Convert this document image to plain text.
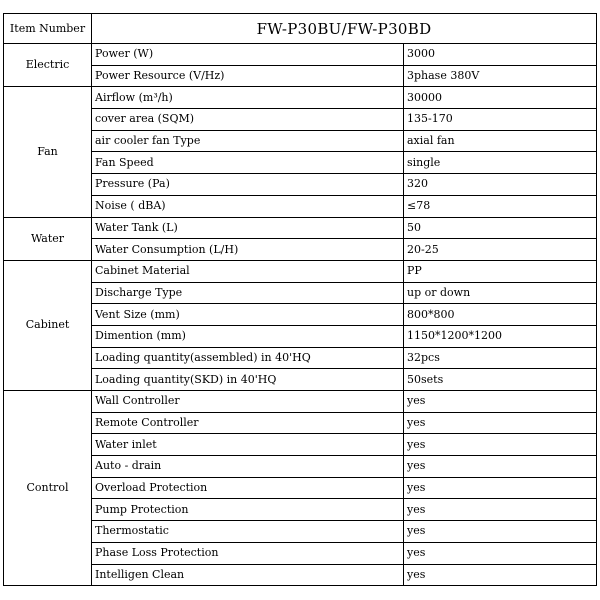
Item Number	FW-P30BU/FW-P30BD	
Electric	Power (W)	3000
	Power Resource (V/Hz)	3phase 380V
Fan	Airflow (m³/h)	30000
	cover area (SQM)	135-170
	air cooler fan Type	axial fan
	Fan Speed	single
	Pressure (Pa)	320
	Noise ( dBA)	≤78
Water	Water Tank (L)	50
	Water Consumption (L/H)	20-25
Cabinet	Cabinet Material	PP
	Discharge Type	up or down
	Vent Size (mm)	800*800
	Dimention (mm)	1150*1200*1200
	Loading quantity(assembled) in 40'HQ	32pcs
	Loading quantity(SKD) in 40'HQ	50sets
Control	Wall Controller	yes
	Remote Controller	yes
	Water inlet	yes
	Auto - drain	yes
	Overload Protection	yes
	Pump Protection	yes
	Thermostatic	yes
	Phase Loss Protection	yes
	Intelligen Clean	yes
